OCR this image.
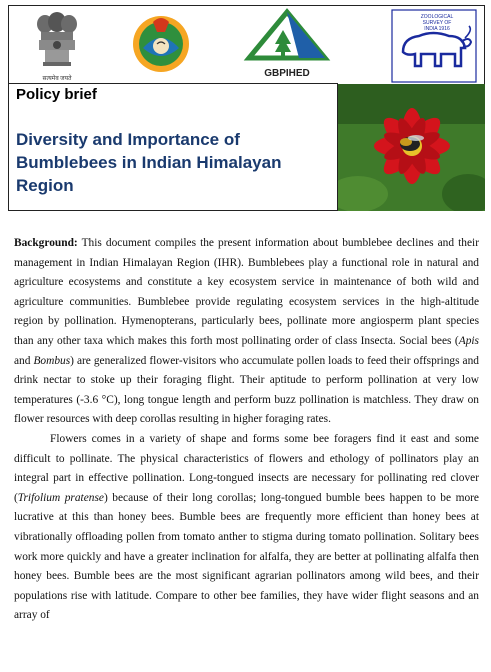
सत्यमेव जयते	GBPIHED
ZOOLOGICAL SURVEY OF INDIA 1916
Policy brief
Diversity and Importance of Bumblebees in Indian Himalayan Region

Background: This document compiles the present information about bumblebee declines and their management in Indian Himalayan Region (IHR). Bumblebees play a functional role in natural and agriculture ecosystems and constitute a key ecosystem service in maintenance of both wild and agriculture communities. Bumblebee provide regulating ecosystem services in the high-altitude region by pollination. Hymenopterans, particularly bees, pollinate more angiosperm plant species than any other taxa which makes this forth most pollinating order of class Insecta. Social bees (Apis and Bombus) are generalized flower-visitors who accumulate pollen loads to feed their offsprings and drink nectar to stoke up their foraging flight. Their aptitude to perform pollination at very low temperatures (-3.6 °C), long tongue length and perform buzz pollination is matchless. They draw on flower resources with deep corollas resulting in higher foraging rates.

Flowers comes in a variety of shape and forms some bee foragers find it east and some difficult to pollinate. The physical characteristics of flowers and ethology of pollinators play an integral part in effective pollination. Long-tongued insects are necessary for pollinating red clover (Trifolium pratense) because of their long corollas; long-tongued bumble bees happen to be more lucrative at this than honey bees. Bumble bees are frequently more efficient than honey bees at vibrationally offloading pollen from tomato anther to stigma during tomato pollination. Solitary bees work more quickly and have a greater inclination for alfalfa, they are better at pollinating alfalfa then honey bees. Bumble bees are the most significant agrarian pollinators among wild bees, and their populations rise with latitude. Compare to other bee families, they have wider flight seasons and an array of
